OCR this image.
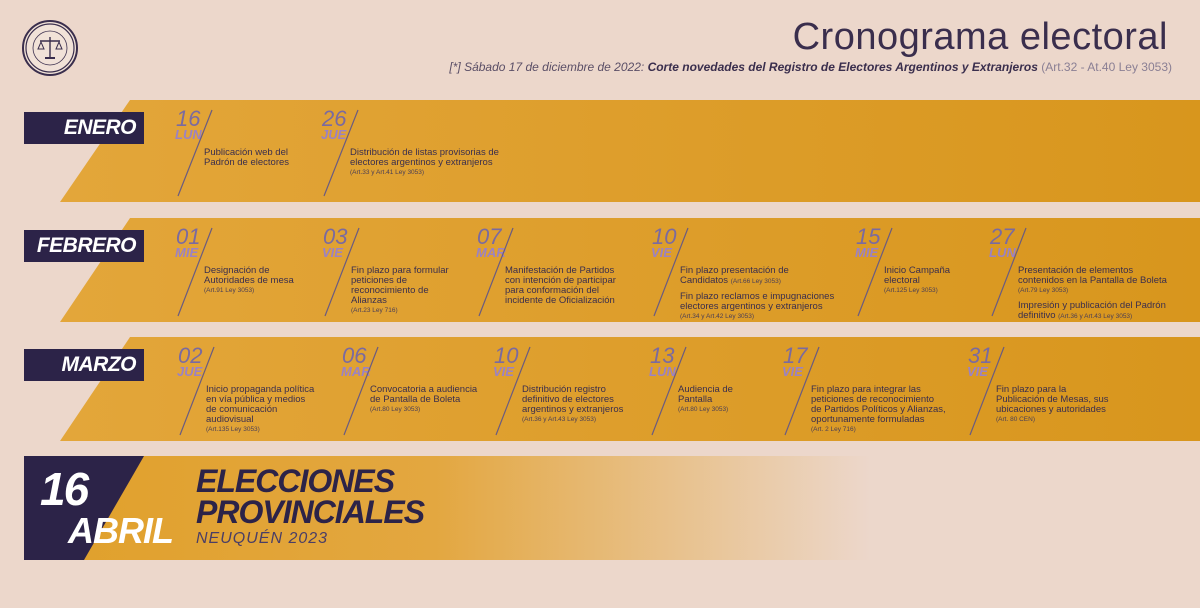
Cronograma electoral
[*] Sábado 17 de diciembre de 2022: Corte novedades del Registro de Electores Argentinos y Extranjeros (Art.32 - At.40 Ley 3053)
ENERO	16
LUN
Publicación web del
Padrón de electores
26
JUE
Distribución de listas provisorias de
electores argentinos y extranjeros
(Art.33 y Art.41 Ley 3053)
FEBRERO	01
MIE
Designación de
Autoridades de mesa
(Art.91 Ley 3053)
03
VIE
Fin plazo para formular
peticiones de
reconocimiento de
Alianzas
(Art.23 Ley 716)
07
MAR
Manifestación de Partidos
con intención de participar
para conformación del
incidente de Oficialización
10
VIE
Fin plazo presentación de
Candidatos (Art.66 Ley 3053)
Fin plazo reclamos e impugnaciones
electores argentinos y extranjeros
(Art.34 y Art.42 Ley 3053)
15
MIE
Inicio Campaña
electoral
(Art.125 Ley 3053)
27
LUN
Presentación de elementos
contenidos en la Pantalla de Boleta
(Art.79 Ley 3053)
Impresión y publicación del Padrón
definitivo (Art.36 y Art.43 Ley 3053)
MARZO	02
JUE
Inicio propaganda política
en vía pública y medios
de comunicación
audiovisual
(Art.135 Ley 3053)
06
MAR
Convocatoria a audiencia
de Pantalla de Boleta
(Art.80 Ley 3053)
10
VIE
Distribución registro
definitivo de electores
argentinos y extranjeros
(Art.36 y Art.43 Ley 3053)
13
LUN
Audiencia de
Pantalla
(Art.80 Ley 3053)
17
VIE
Fin plazo para integrar las
peticiones de reconocimiento
de Partidos Políticos y Alianzas,
oportunamente formuladas
(Art. 2 Ley 716)
31
VIE
Fin plazo para la
Publicación de Mesas, sus
ubicaciones y autoridades
(Art. 80 CEN)
16
ABRIL
ELECCIONES
PROVINCIALES
NEUQUÉN 2023
